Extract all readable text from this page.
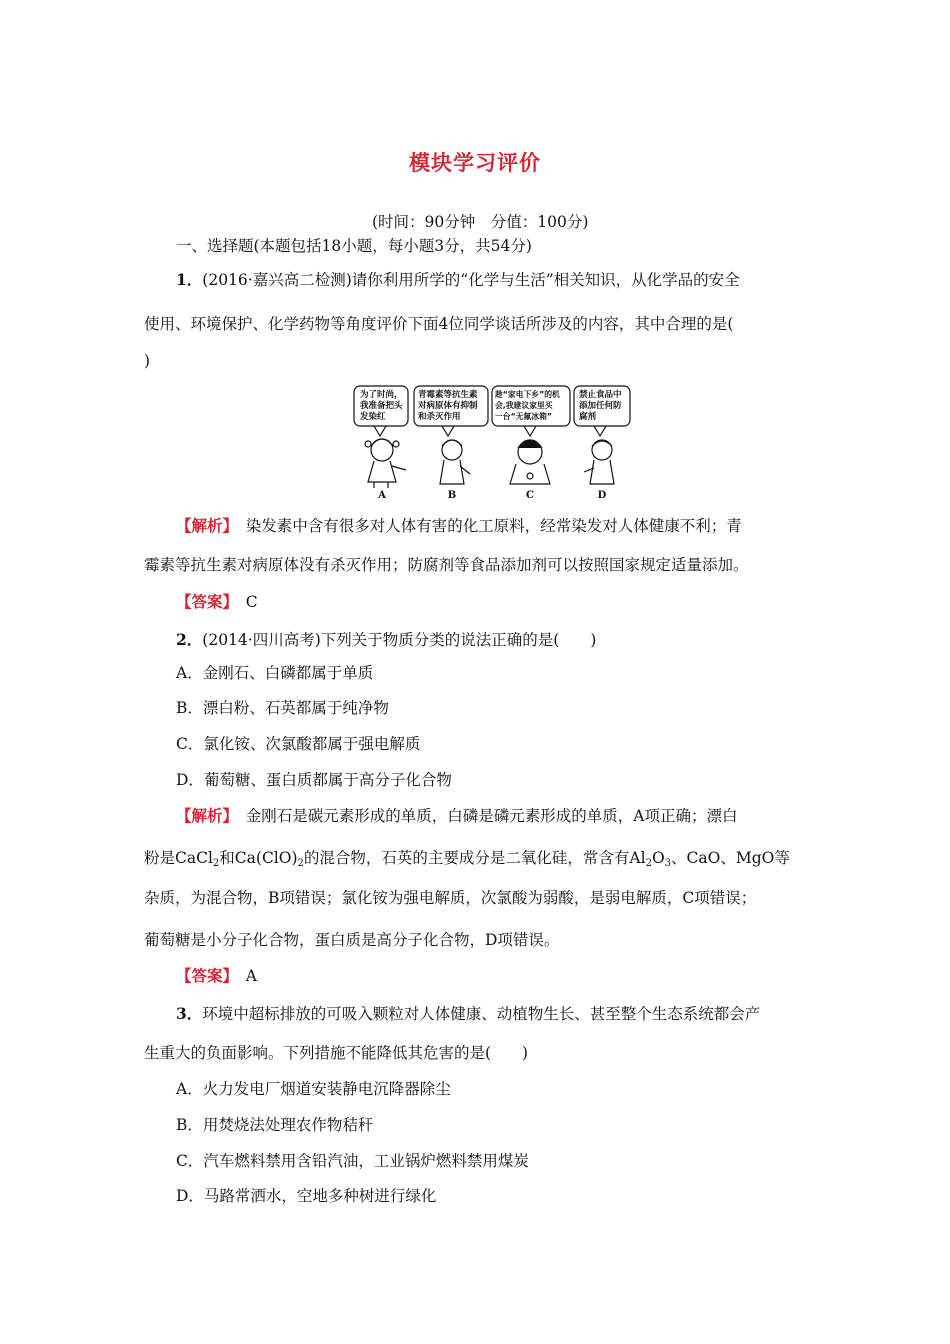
模块学习评价
(时间：90分钟　分值：100分)
一、选择题(本题包括18小题，每小题3分，共54分)
1．(2016·嘉兴高二检测)请你利用所学的“化学与生活”相关知识，从化学品的安全
使用、环境保护、化学药物等角度评价下面4位同学谈话所涉及的内容，其中合理的是(
)
为了时尚，
我准备把头
发染红
青霉素等抗生素
对病原体有抑制
和杀灭作用
趁“家电下乡”的机
会,我建议家里买
一台“无氟冰箱”
禁止食品中
添加任何防
腐剂
A	B	C	D
【解析】　染发素中含有很多对人体有害的化工原料，经常染发对人体健康不利；青
霉素等抗生素对病原体没有杀灭作用；防腐剂等食品添加剂可以按照国家规定适量添加。
【答案】　C
2．(2014·四川高考)下列关于物质分类的说法正确的是(　　)
A．金刚石、白磷都属于单质
B．漂白粉、石英都属于纯净物
C．氯化铵、次氯酸都属于强电解质
D．葡萄糖、蛋白质都属于高分子化合物
【解析】　金刚石是碳元素形成的单质，白磷是磷元素形成的单质，A项正确；漂白
粉是CaCl$_2$和$Ca(ClO)_2$的混合物，石英的主要成分是二氧化硅，常含有$Al_2O_3$、CaO、MgO等
杂质，为混合物，B项错误；氯化铵为强电解质，次氯酸为弱酸，是弱电解质，C项错误；
葡萄糖是小分子化合物，蛋白质是高分子化合物，D项错误。
【答案】　A
3．环境中超标排放的可吸入颗粒对人体健康、动植物生长、甚至整个生态系统都会产
生重大的负面影响。下列措施不能降低其危害的是(　　)
A．火力发电厂烟道安装静电沉降器除尘
B．用焚烧法处理农作物秸秆
C．汽车燃料禁用含铅汽油，工业锅炉燃料禁用煤炭
D．马路常洒水，空地多种树进行绿化
